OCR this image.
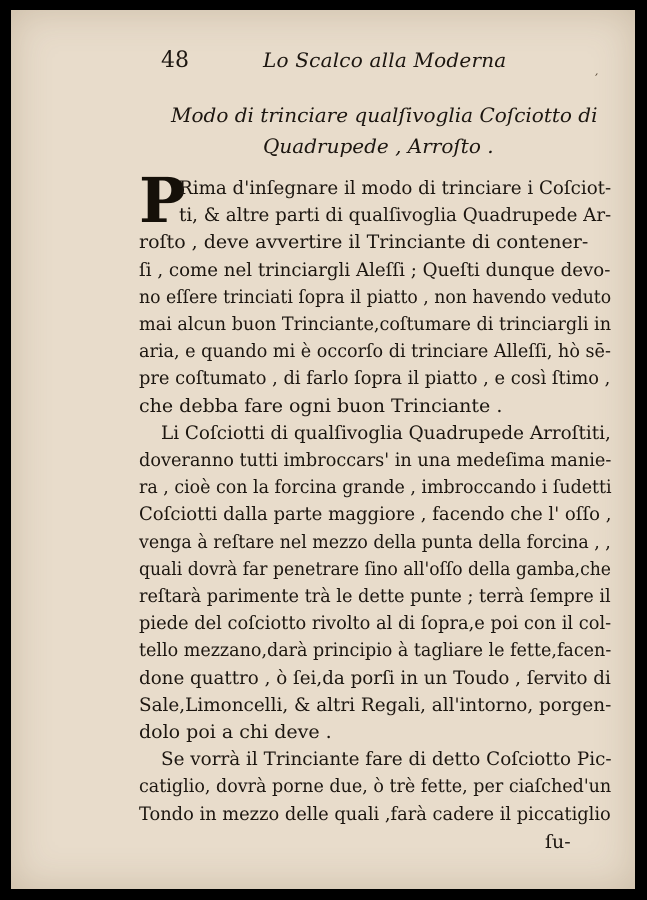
48	Lo Scalco alla Moderna
′
Modo di trinciare qualſivoglia Coſciotto di
Quadrupede , Arroſto .
P
Rima d'inſegnare il modo di trinciare i Coſciot-
ti, & altre parti di qualſivoglia Quadrupede Ar-
roſto , deve avvertire il Trinciante di contener-
ſi , come nel trinciargli Aleſſi ; Queſti dunque devo-
no eſſere trinciati ſopra il piatto , non havendo veduto
mai alcun buon Trinciante,coſtumare di trinciargli in
aria, e quando mi è occorſo di trinciare Alleſſi, hò sē-
pre coſtumato , di farlo ſopra il piatto , e così ſtimo ,
che debba fare ogni buon Trinciante .
Li Coſciotti di qualſivoglia Quadrupede Arroſtiti,
doveranno tutti imbroccars' in una medeſima manie-
ra , cioè con la forcina grande , imbroccando i ſudetti
Coſciotti dalla parte maggiore , facendo che l' oſſo ,
venga à reſtare nel mezzo della punta della forcina , ,
quali dovrà far penetrare ſino all'oſſo della gamba,che
reſtarà parimente trà le dette punte ; terrà ſempre il
piede del coſciotto rivolto al di ſopra,e poi con il col-
tello mezzano,darà principio à tagliare le fette,facen-
done quattro , ò ſei,da porſi in un Toudo , ſervito di
Sale,Limoncelli, & altri Regali, all'intorno, porgen-
dolo poi a chi deve .
Se vorrà il Trinciante fare di detto Coſciotto Pic-
catiglio, dovrà porne due, ò trè fette, per ciaſched'un
Tondo in mezzo delle quali ,farà cadere il piccatiglio
ſu-
